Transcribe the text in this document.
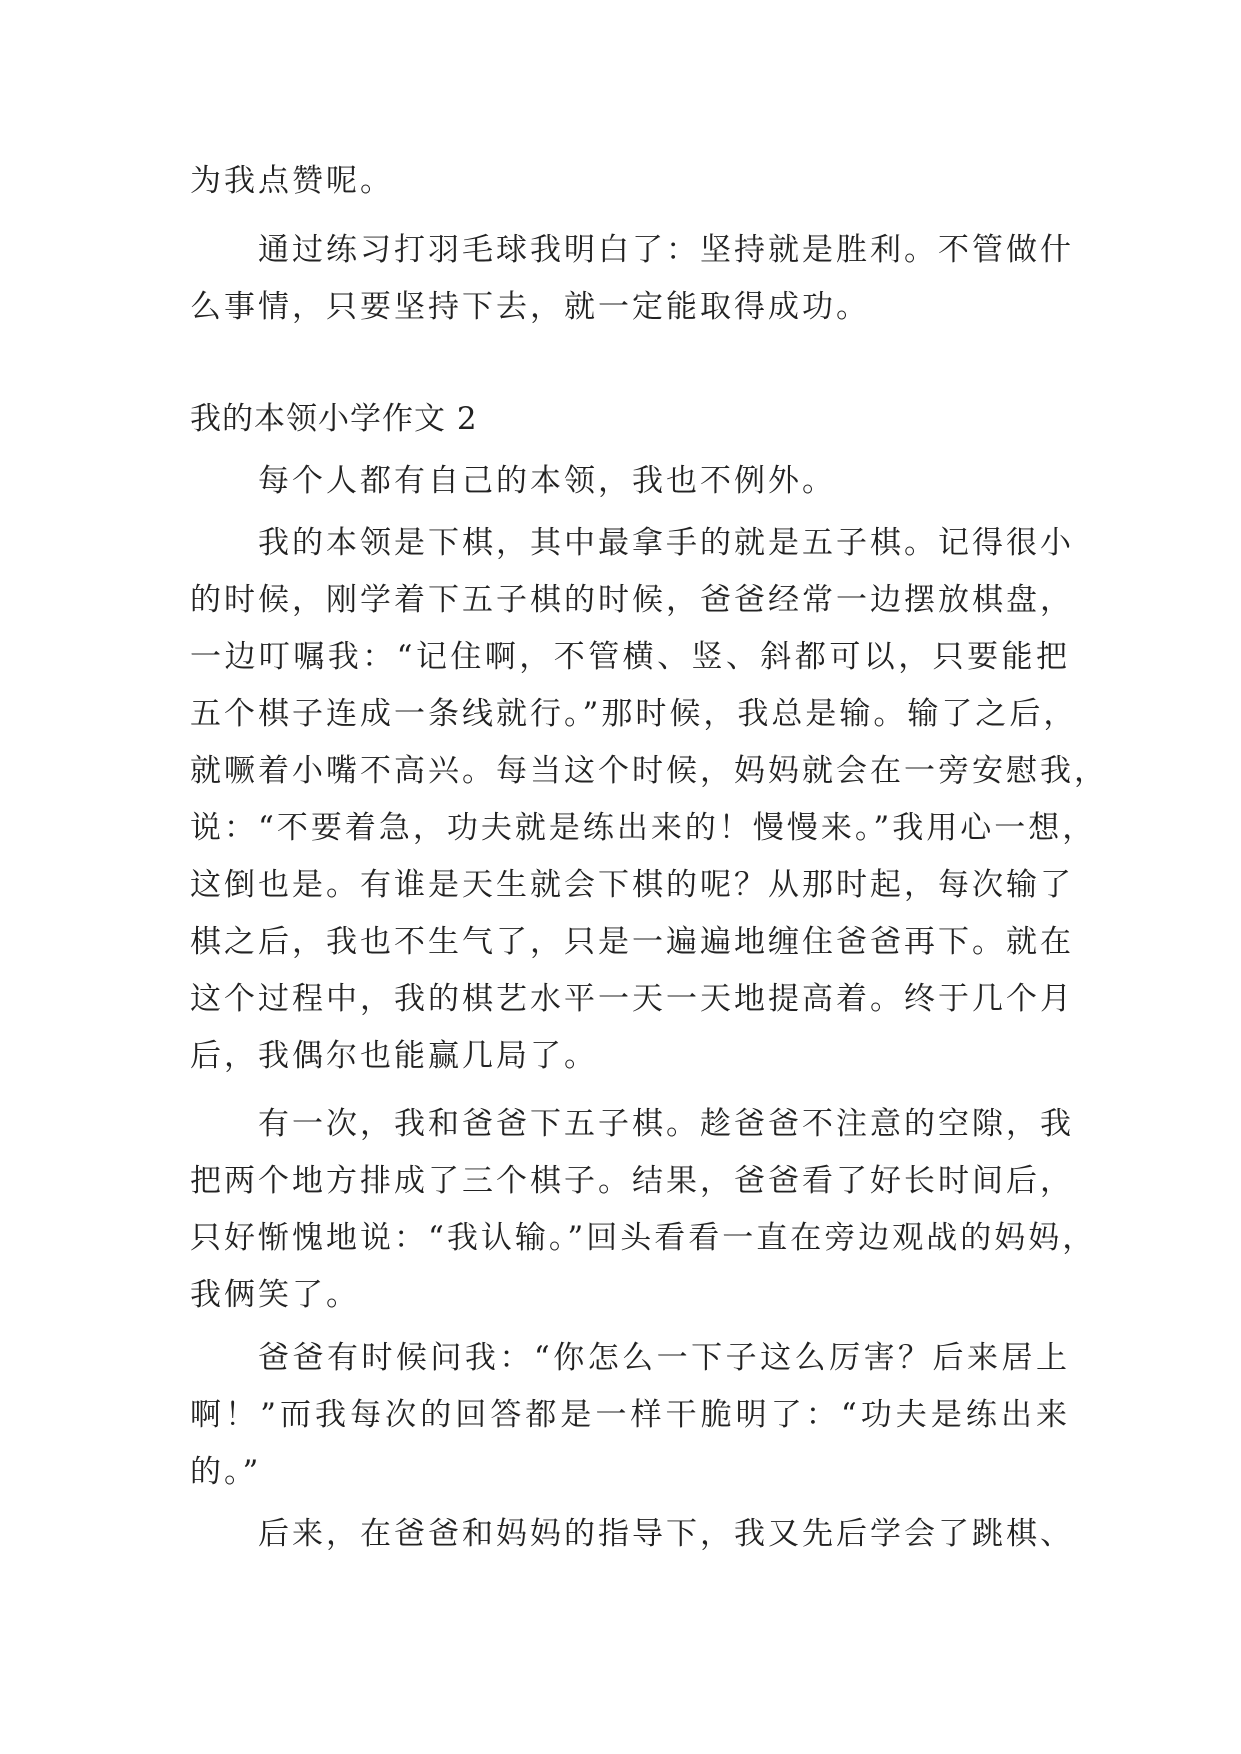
为我点赞呢。
通过练习打羽毛球我明白了：坚持就是胜利。不管做什
么事情，只要坚持下去，就一定能取得成功。
我的本领小学作文 2
每个人都有自己的本领，我也不例外。
我的本领是下棋，其中最拿手的就是五子棋。记得很小
的时候，刚学着下五子棋的时候，爸爸经常一边摆放棋盘，
一边叮嘱我：“记住啊，不管横、竖、斜都可以，只要能把
五个棋子连成一条线就行。”那时候，我总是输。输了之后，
就噘着小嘴不高兴。每当这个时候，妈妈就会在一旁安慰我，
说：“不要着急，功夫就是练出来的！慢慢来。”我用心一想，
这倒也是。有谁是天生就会下棋的呢？从那时起，每次输了
棋之后，我也不生气了，只是一遍遍地缠住爸爸再下。就在
这个过程中，我的棋艺水平一天一天地提高着。终于几个月
后，我偶尔也能赢几局了。
有一次，我和爸爸下五子棋。趁爸爸不注意的空隙，我
把两个地方排成了三个棋子。结果，爸爸看了好长时间后，
只好惭愧地说：“我认输。”回头看看一直在旁边观战的妈妈，
我俩笑了。
爸爸有时候问我：“你怎么一下子这么厉害？后来居上
啊！”而我每次的回答都是一样干脆明了：“功夫是练出来
的。”
后来，在爸爸和妈妈的指导下，我又先后学会了跳棋、
